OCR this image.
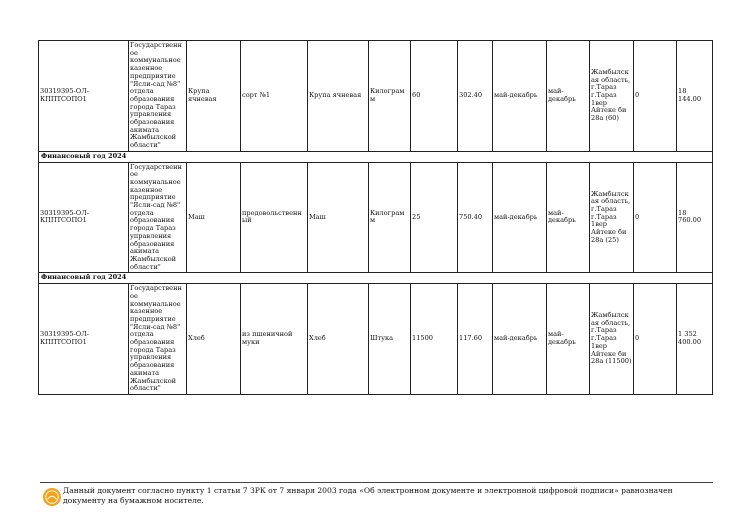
30319395-ОЛ-КППТСОПО1	Государственное коммунальное казенное предприятие "Ясли-сад №8" отдела образования города Тараз управления образования акимата Жамбылской области"	Крупа ячневая	сорт №1	Крупа ячневая	Килограмм	60	302.40	май-декабрь	май-декабрь	Жамбылская область, г.Тараз г.Тараз 1вер Айтеке би 28а (60)	0	18 144.00
Финансовый год 2024												
30319395-ОЛ-КППТСОПО1	Государственное коммунальное казенное предприятие "Ясли-сад №8" отдела образования города Тараз управления образования акимата Жамбылской области"	Маш	продовольственный	Маш	Килограмм	25	750.40	май-декабрь	май-декабрь	Жамбылская область, г.Тараз г.Тараз 1вер Айтеке би 28а (25)	0	18 760.00
Финансовый год 2024												
30319395-ОЛ-КППТСОПО1	Государственное коммунальное казенное предприятие "Ясли-сад №8" отдела образования города Тараз управления образования акимата Жамбылской области"	Хлеб	из пшеничной муки	Хлеб	Штука	11500	117.60	май-декабрь	май-декабрь	Жамбылская область, г.Тараз г.Тараз 1вер Айтеке би 28а (11500)	0	1 352 400.00
Данный документ согласно пункту 1 статьи 7 ЗРК от 7 января 2003 года «Об электронном документе и электронной цифровой подписи» равнозначен документу на бумажном носителе.
